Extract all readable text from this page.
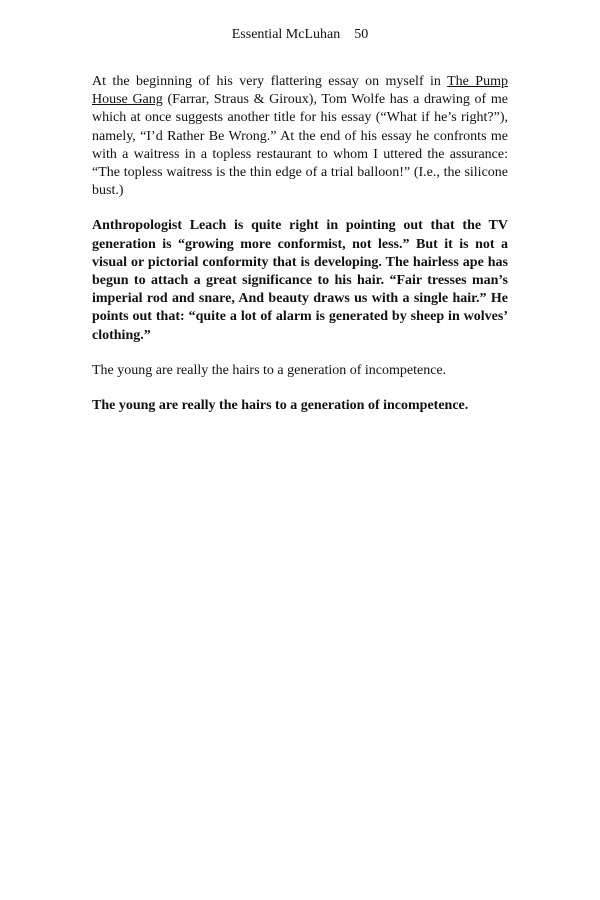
Essential McLuhan 50

At the beginning of his very flattering essay on myself in The Pump House Gang (Farrar, Straus & Giroux), Tom Wolfe has a drawing of me which at once suggests another title for his essay (“What if he’s right?”), namely, “I’d Rather Be Wrong.” At the end of his essay he confronts me with a waitress in a topless restaurant to whom I uttered the assurance: “The topless waitress is the thin edge of a trial balloon!” (I.e., the silicone bust.)

Anthropologist Leach is quite right in pointing out that the TV generation is “growing more conformist, not less.” But it is not a visual or pictorial conformity that is developing. The hairless ape has begun to attach a great significance to his hair. “Fair tresses man’s imperial rod and snare, And beauty draws us with a single hair.” He points out that: “quite a lot of alarm is generated by sheep in wolves’ clothing.”

The young are really the hairs to a generation of incompetence.

The young are really the hairs to a generation of incompetence.
